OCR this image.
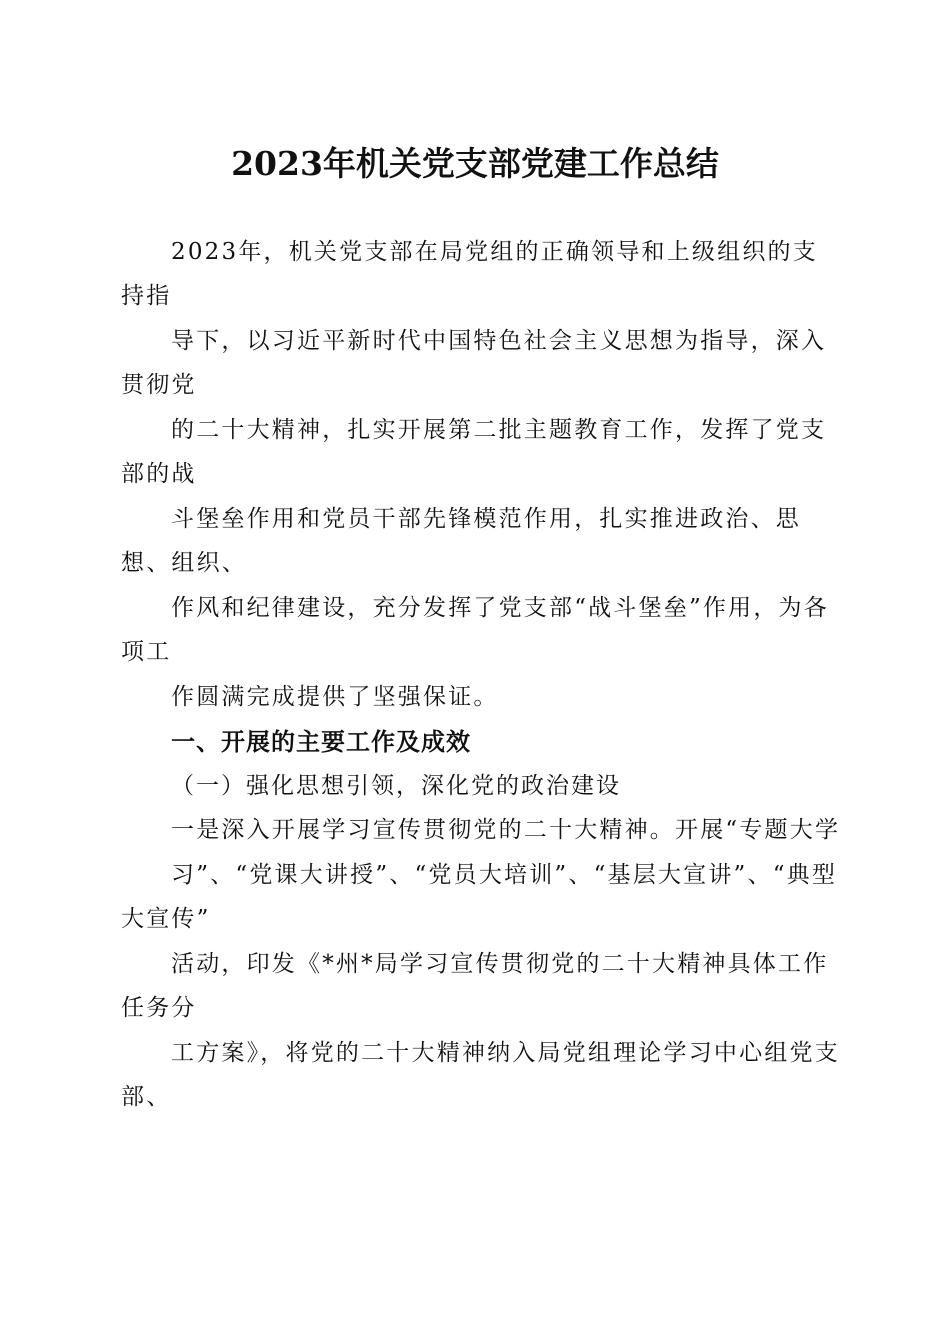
2023年机关党支部党建工作总结

2023年，机关党支部在局党组的正确领导和上级组织的支持指

导下，以习近平新时代中国特色社会主义思想为指导，深入贯彻党

的二十大精神，扎实开展第二批主题教育工作，发挥了党支部的战

斗堡垒作用和党员干部先锋模范作用，扎实推进政治、思想、组织、

作风和纪律建设，充分发挥了党支部“战斗堡垒”作用，为各项工

作圆满完成提供了坚强保证。

一、开展的主要工作及成效

（一）强化思想引领，深化党的政治建设

一是深入开展学习宣传贯彻党的二十大精神。开展“专题大学

习”、“党课大讲授”、“党员大培训”、“基层大宣讲”、“典型大宣传”

活动，印发《*州*局学习宣传贯彻党的二十大精神具体工作任务分

工方案》，将党的二十大精神纳入局党组理论学习中心组党支部、
